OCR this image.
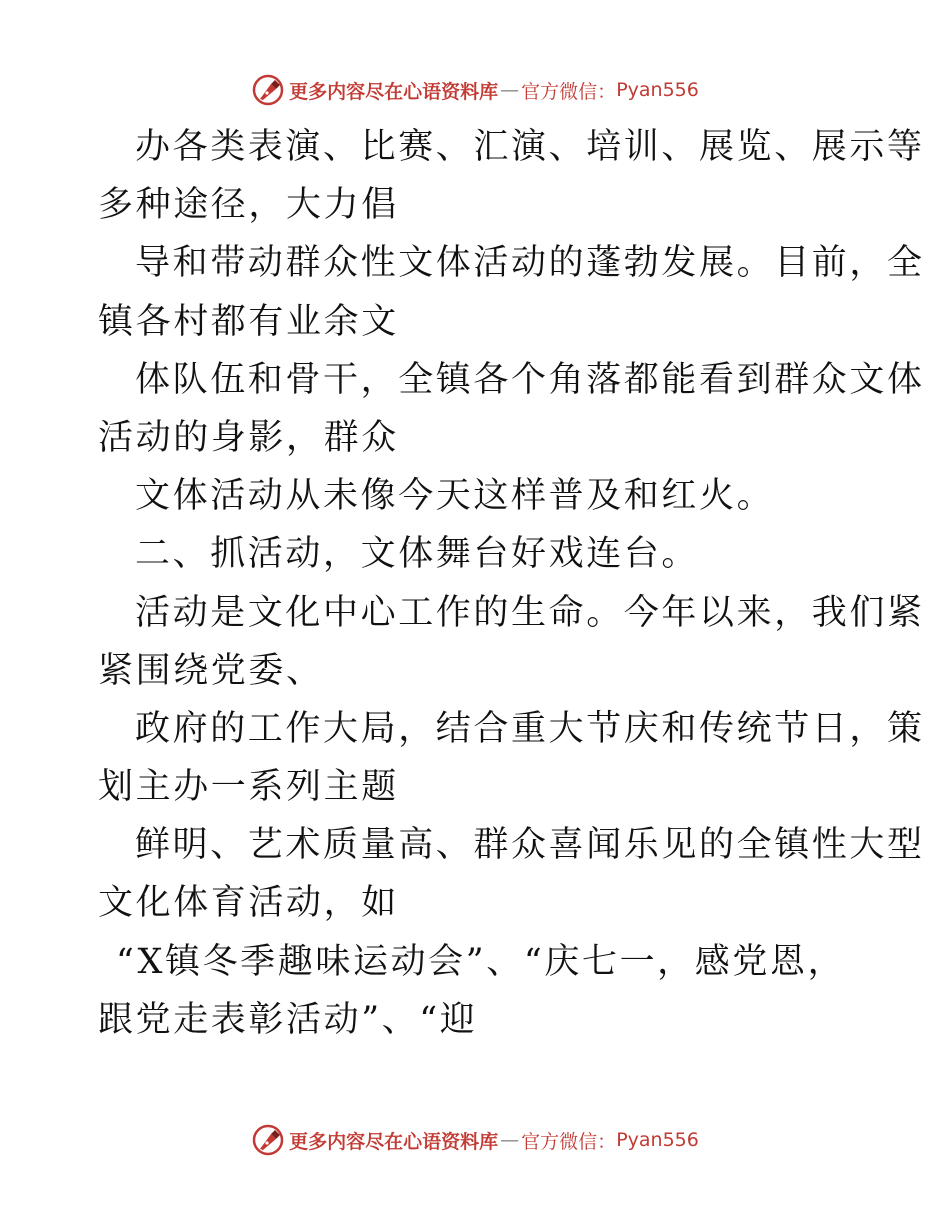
更多内容尽在心语资料库 — 官方微信： Pyan556
办各类表演、比赛、汇演、培训、展览、展示等
多种途径，大力倡
导和带动群众性文体活动的蓬勃发展。目前，全
镇各村都有业余文
体队伍和骨干，全镇各个角落都能看到群众文体
活动的身影，群众
文体活动从未像今天这样普及和红火。
二、抓活动，文体舞台好戏连台。
活动是文化中心工作的生命。今年以来，我们紧
紧围绕党委、
政府的工作大局，结合重大节庆和传统节日，策
划主办一系列主题
鲜明、艺术质量高、群众喜闻乐见的全镇性大型
文化体育活动，如
“X镇冬季趣味运动会”、“庆七一，感党恩，
跟党走表彰活动”、“迎
更多内容尽在心语资料库 — 官方微信： Pyan556
